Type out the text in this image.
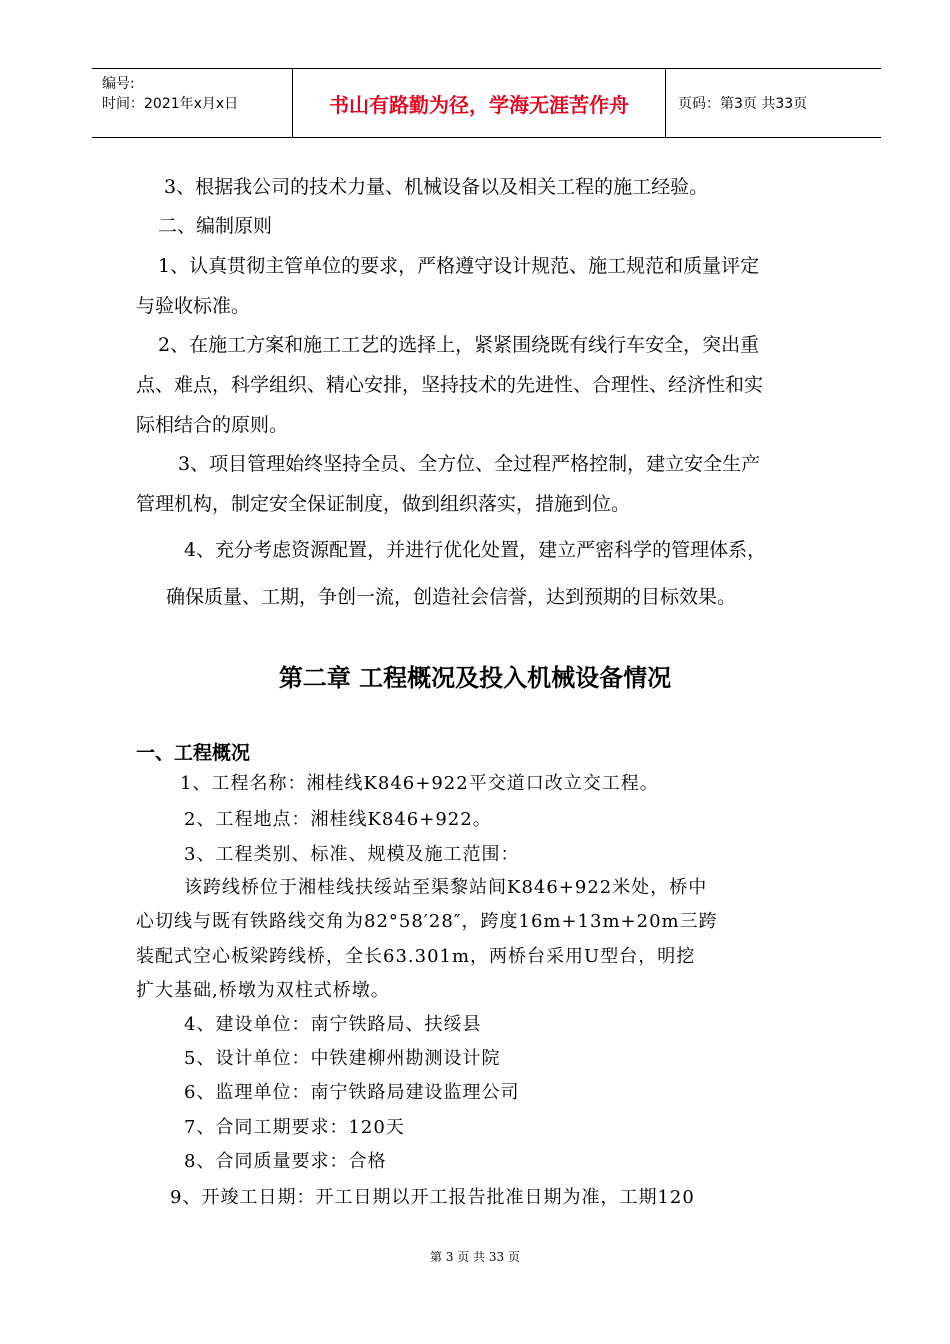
编号:
时间：2021年x月x日	书山有路勤为径，学海无涯苦作舟	页码：第3页 共33页
3、根据我公司的技术力量、机械设备以及相关工程的施工经验。
二、编制原则
1、认真贯彻主管单位的要求，严格遵守设计规范、施工规范和质量评定
与验收标准。
2、在施工方案和施工工艺的选择上，紧紧围绕既有线行车安全，突出重
点、难点，科学组织、精心安排，坚持技术的先进性、合理性、经济性和实
际相结合的原则。
3、项目管理始终坚持全员、全方位、全过程严格控制，建立安全生产
管理机构，制定安全保证制度，做到组织落实，措施到位。
4、充分考虑资源配置，并进行优化处置，建立严密科学的管理体系，
确保质量、工期，争创一流，创造社会信誉，达到预期的目标效果。
第二章 工程概况及投入机械设备情况
一、工程概况
1、工程名称：湘桂线K846+922平交道口改立交工程。
2、工程地点：湘桂线K846+922。
3、工程类别、标准、规模及施工范围：
该跨线桥位于湘桂线扶绥站至渠黎站间K846+922米处，桥中
心切线与既有铁路线交角为82°58′28″，跨度16m+13m+20m三跨
装配式空心板梁跨线桥，全长63.301m，两桥台采用U型台，明挖
扩大基础,桥墩为双柱式桥墩。
4、建设单位：南宁铁路局、扶绥县
5、设计单位：中铁建柳州勘测设计院
6、监理单位：南宁铁路局建设监理公司
7、合同工期要求：120天
8、合同质量要求：合格
9、开竣工日期：开工日期以开工报告批准日期为准，工期120
第 3 页 共 33 页
